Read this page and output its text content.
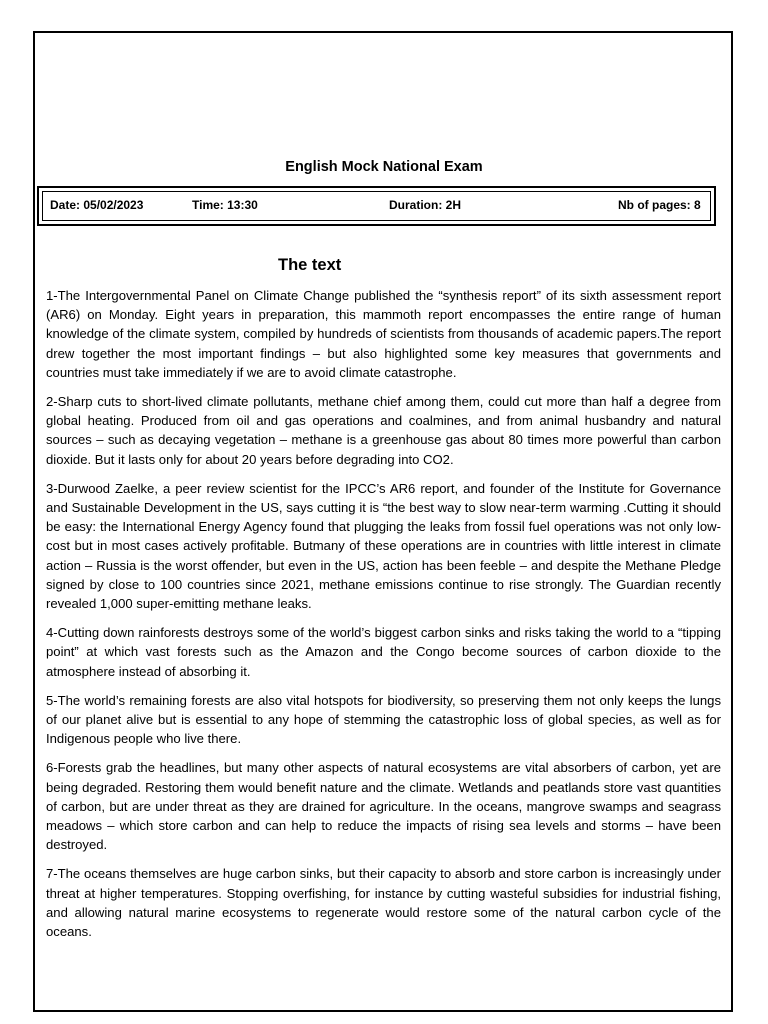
English Mock National Exam
Date: 05/02/2023	Time: 13:30	Duration: 2H	Nb of pages: 8
The text

1-The Intergovernmental Panel on Climate Change published the “synthesis report” of its sixth assessment report (AR6) on Monday. Eight years in preparation, this mammoth report encompasses the entire range of human knowledge of the climate system, compiled by hundreds of scientists from thousands of academic papers.The report drew together the most important findings – but also highlighted some key measures that governments and countries must take immediately if we are to avoid climate catastrophe.

2-Sharp cuts to short-lived climate pollutants, methane chief among them, could cut more than half a degree from global heating. Produced from oil and gas operations and coalmines, and from animal husbandry and natural sources – such as decaying vegetation – methane is a greenhouse gas about 80 times more powerful than carbon dioxide. But it lasts only for about 20 years before degrading into CO2.

3-Durwood Zaelke, a peer review scientist for the IPCC’s AR6 report, and founder of the Institute for Governance and Sustainable Development in the US, says cutting it is “the best way to slow near-term warming .Cutting it should be easy: the International Energy Agency found that plugging the leaks from fossil fuel operations was not only low-cost but in most cases actively profitable. Butmany of these operations are in countries with little interest in climate action – Russia is the worst offender, but even in the US, action has been feeble – and despite the Methane Pledge signed by close to 100 countries since 2021, methane emissions continue to rise strongly. The Guardian recently revealed 1,000 super-emitting methane leaks.

4-Cutting down rainforests destroys some of the world’s biggest carbon sinks and risks taking the world to a “tipping point” at which vast forests such as the Amazon and the Congo become sources of carbon dioxide to the atmosphere instead of absorbing it.

5-The world’s remaining forests are also vital hotspots for biodiversity, so preserving them not only keeps the lungs of our planet alive but is essential to any hope of stemming the catastrophic loss of global species, as well as for Indigenous people who live there.

6-Forests grab the headlines, but many other aspects of natural ecosystems are vital absorbers of carbon, yet are being degraded. Restoring them would benefit nature and the climate. Wetlands and peatlands store vast quantities of carbon, but are under threat as they are drained for agriculture. In the oceans, mangrove swamps and seagrass meadows – which store carbon and can help to reduce the impacts of rising sea levels and storms – have been destroyed.

7-The oceans themselves are huge carbon sinks, but their capacity to absorb and store carbon is increasingly under threat at higher temperatures. Stopping overfishing, for instance by cutting wasteful subsidies for industrial fishing, and allowing natural marine ecosystems to regenerate would restore some of the natural carbon cycle of the oceans.
